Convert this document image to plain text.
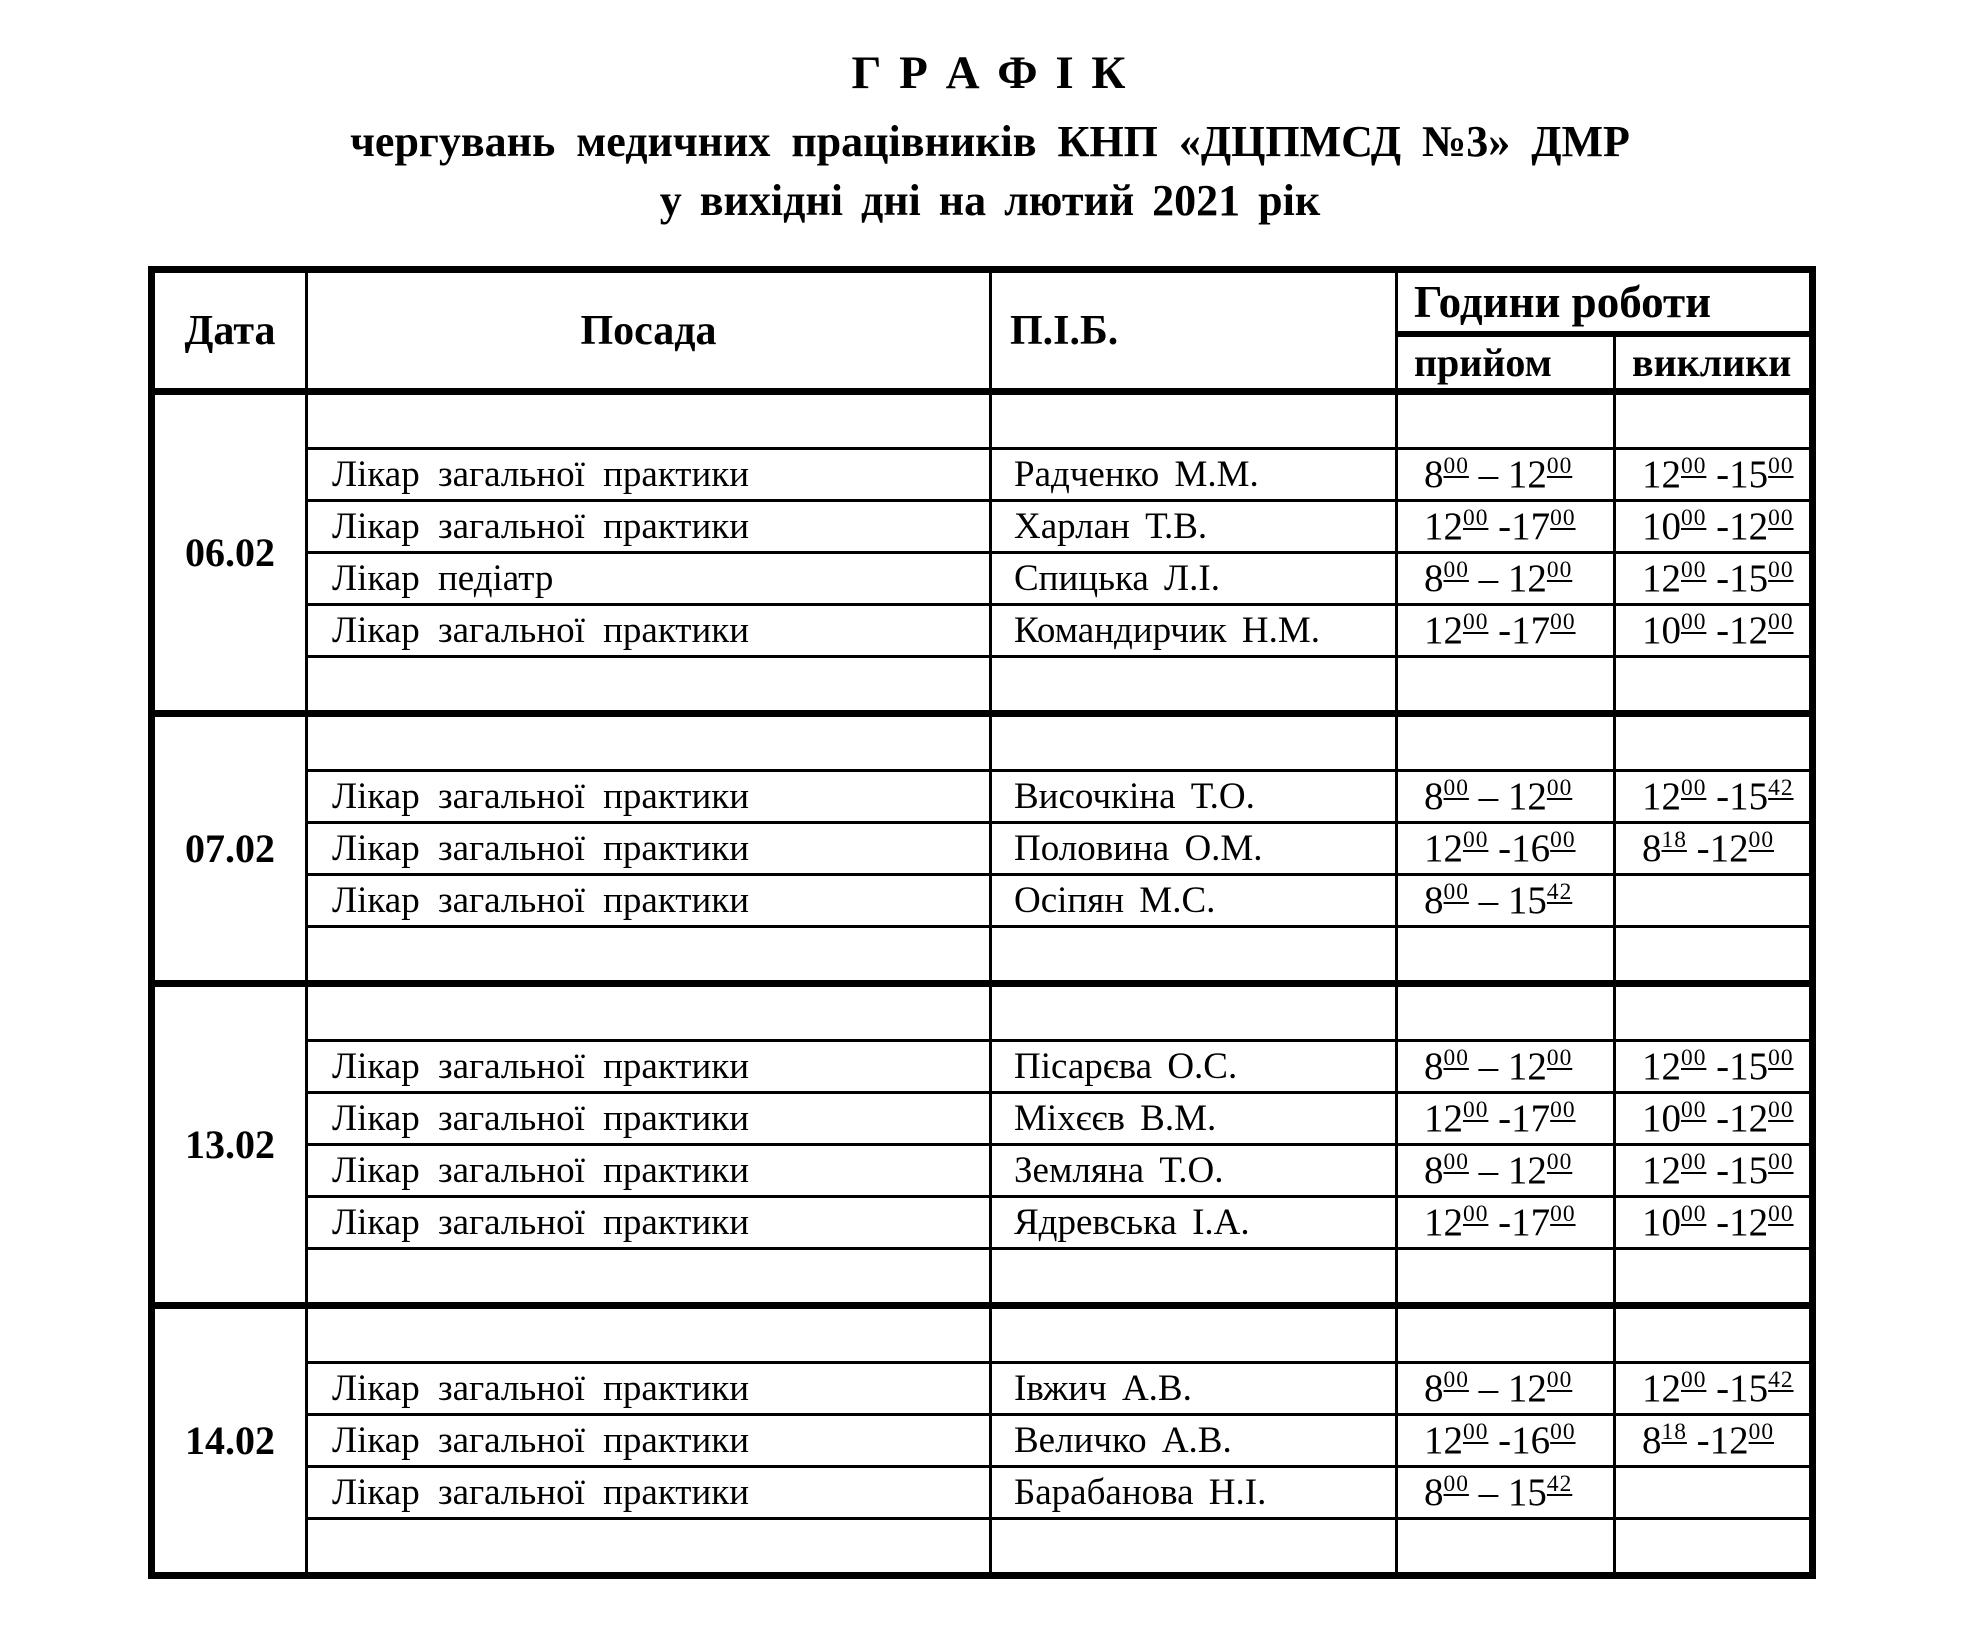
Г Р А Ф І К
чергувань медичних працівників КНП «ДЦПМСД №3» ДМР
у вихідні дні на лютий 2021 рік
Дата	Посада	П.І.Б.	Години роботи	
			прийом	виклики
06.02				
	Лікар загальної практики	Радченко М.М.	$8^{00} - 12^{00}$	$12^{00}$ $-15^{00}$
	Лікар загальної практики	Харлан Т.В.	$12^{00}$ $-17^{00}$	$10^{00}$ $-12^{00}$
	Лікар педіатр	Спицька Л.І.	$8^{00} - 12^{00}$	$12^{00}$ $-15^{00}$
	Лікар загальної практики	Командирчик Н.М.	$12^{00}$ $-17^{00}$	$10^{00}$ $-12^{00}$

07.02				
	Лікар загальної практики	Височкіна Т.О.	$8^{00} - 12^{00}$	$12^{00}$ $-15^{42}$
	Лікар загальної практики	Половина О.М.	$12^{00}$ $-16^{00}$	$8^{18}$ $-12^{00}$
	Лікар загальної практики	Осіпян М.С.	$8^{00} - 15^{42}$	

13.02				
	Лікар загальної практики	Пісарєва О.С.	$8^{00} - 12^{00}$	$12^{00}$ $-15^{00}$
	Лікар загальної практики	Міхєєв В.М.	$12^{00}$ $-17^{00}$	$10^{00}$ $-12^{00}$
	Лікар загальної практики	Земляна Т.О.	$8^{00} - 12^{00}$	$12^{00}$ $-15^{00}$
	Лікар загальної практики	Ядревська І.А.	$12^{00}$ $-17^{00}$	$10^{00}$ $-12^{00}$

14.02				
	Лікар загальної практики	Івжич А.В.	$8^{00} - 12^{00}$	$12^{00}$ $-15^{42}$
	Лікар загальної практики	Величко А.В.	$12^{00}$ $-16^{00}$	$8^{18}$ $-12^{00}$
	Лікар загальної практики	Барабанова Н.І.	$8^{00} - 15^{42}$	
